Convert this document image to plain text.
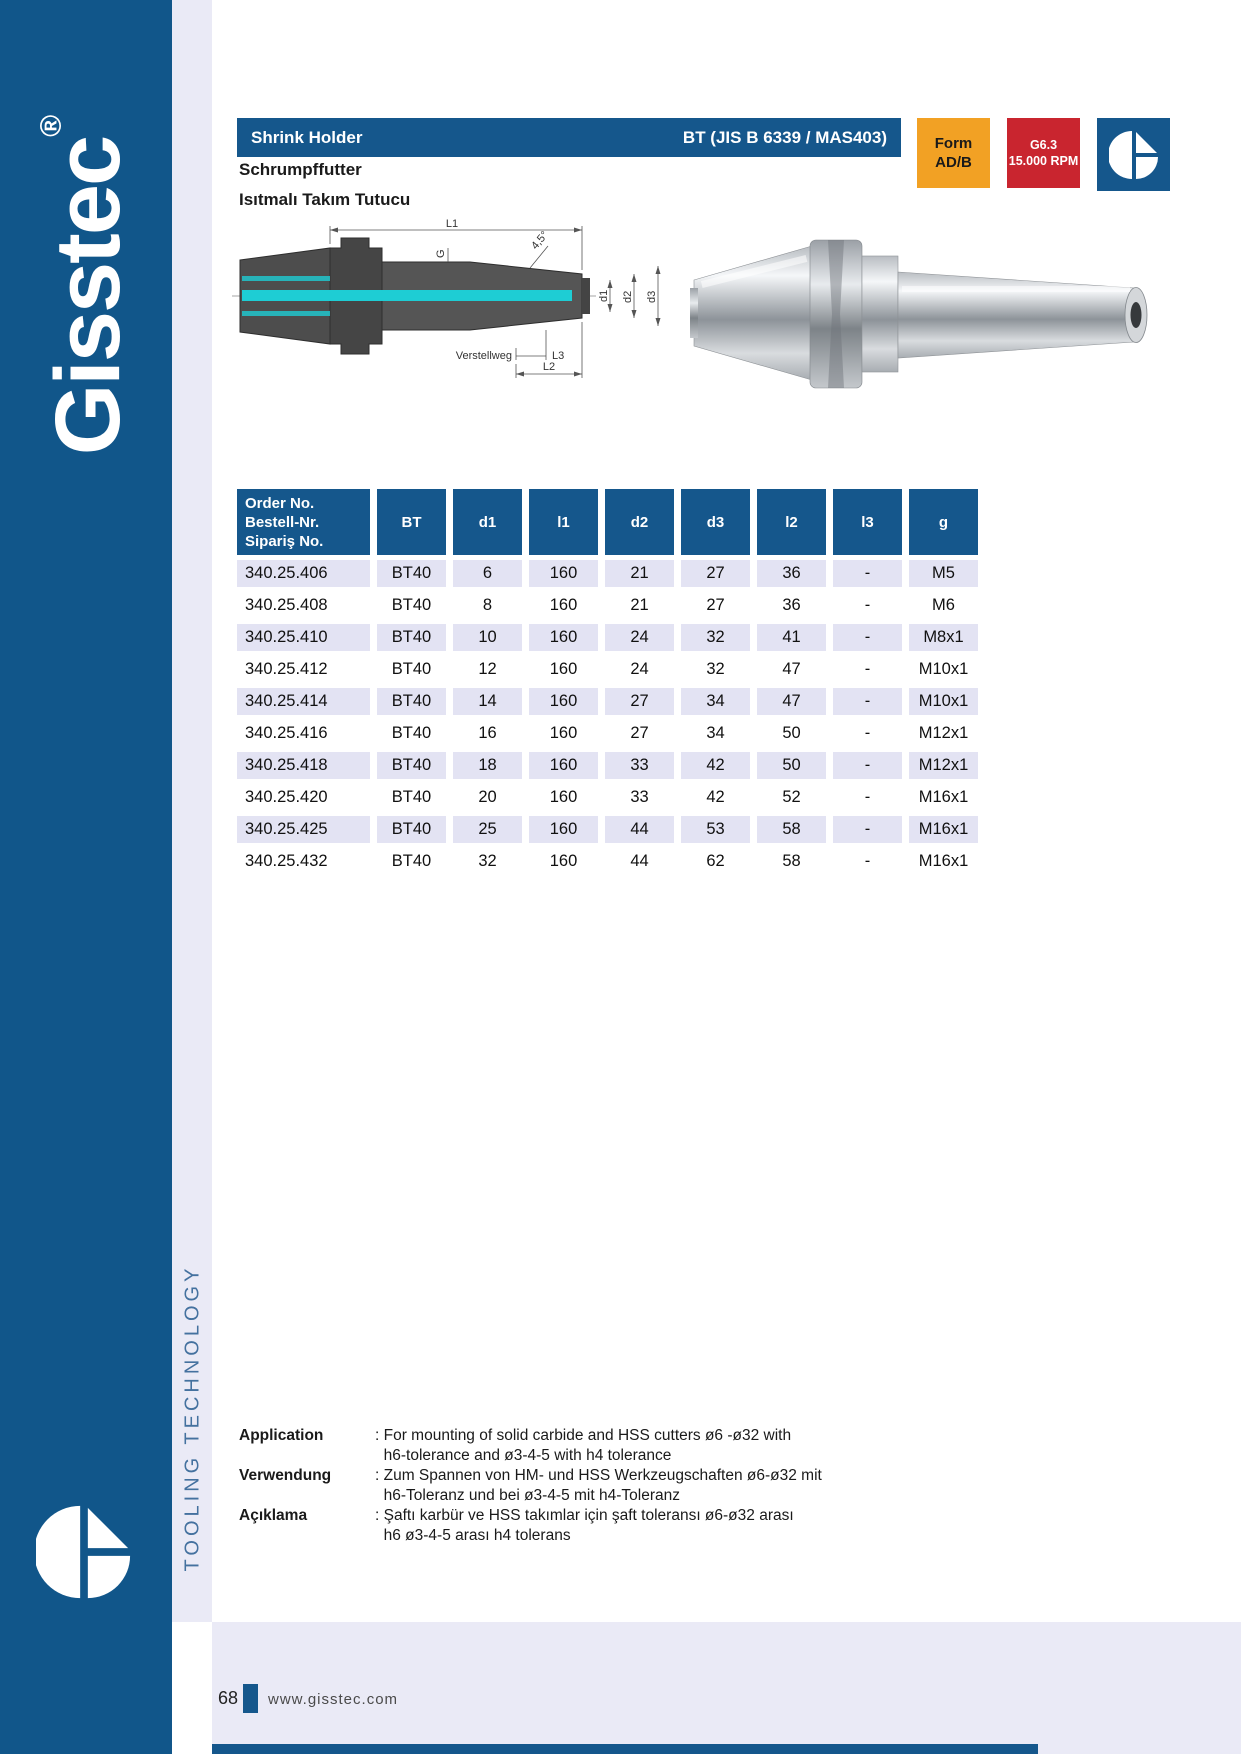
Gisstec®
TOOLING TECHNOLOGY
Shrink Holder	BT (JIS B 6339 / MAS403)
Schrumpffutter
Isıtmalı Takım Tutucu
Form
AD/B
G6.3
15.000 RPM
L1
G
4,5°
d1 d2 d3
Verstellweg	L3
L2
Order No.
Bestell-Nr.
Sipariş No.	BT	d1	l1	d2	d3	l2	l3	g
340.25.406	BT40	6	160	21	27	36	-	M5
340.25.408	BT40	8	160	21	27	36	-	M6
340.25.410	BT40	10	160	24	32	41	-	M8x1
340.25.412	BT40	12	160	24	32	47	-	M10x1
340.25.414	BT40	14	160	27	34	47	-	M10x1
340.25.416	BT40	16	160	27	34	50	-	M12x1
340.25.418	BT40	18	160	33	42	50	-	M12x1
340.25.420	BT40	20	160	33	42	52	-	M16x1
340.25.425	BT40	25	160	44	53	58	-	M16x1
340.25.432	BT40	32	160	44	62	58	-	M16x1
Application	: For mounting of solid carbide and HSS cutters ø6 -ø32 with
h6-tolerance and ø3-4-5 with h4 tolerance
Verwendung	: Zum Spannen von HM- und HSS Werkzeugschaften ø6-ø32 mit
h6-Toleranz und bei ø3-4-5 mit h4-Toleranz
Açıklama	: Şaftı karbür ve HSS takımlar için şaft toleransı ø6-ø32 arası
h6 ø3-4-5 arası h4 tolerans
68 www.gisstec.com
